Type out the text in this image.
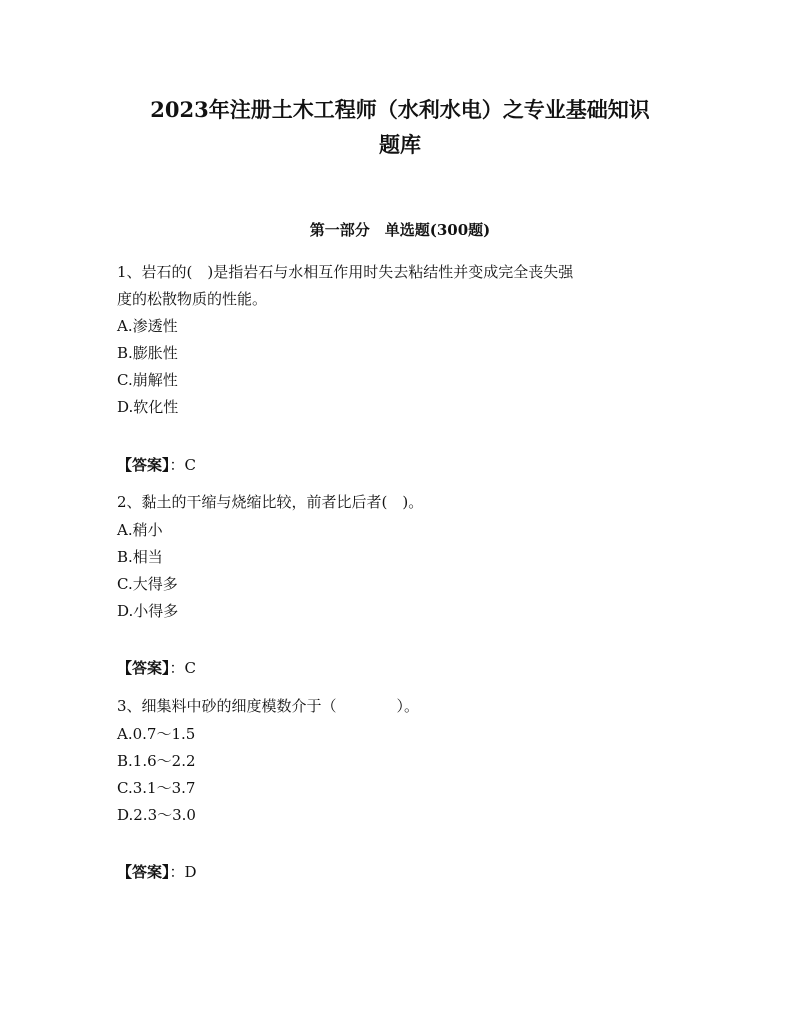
2023年注册土木工程师（水利水电）之专业基础知识
题库
第一部分　单选题(300题)
1、岩石的(　)是指岩石与水相互作用时失去粘结性并变成完全丧失强
度的松散物质的性能。
A.渗透性
B.膨胀性
C.崩解性
D.软化性
【答案】：C
2、黏土的干缩与烧缩比较，前者比后者(　)。
A.稍小
B.相当
C.大得多
D.小得多
【答案】：C
3、细集料中砂的细度模数介于（　　　　）。
A.0.7～1.5
B.1.6～2.2
C.3.1～3.7
D.2.3～3.0
【答案】：D
